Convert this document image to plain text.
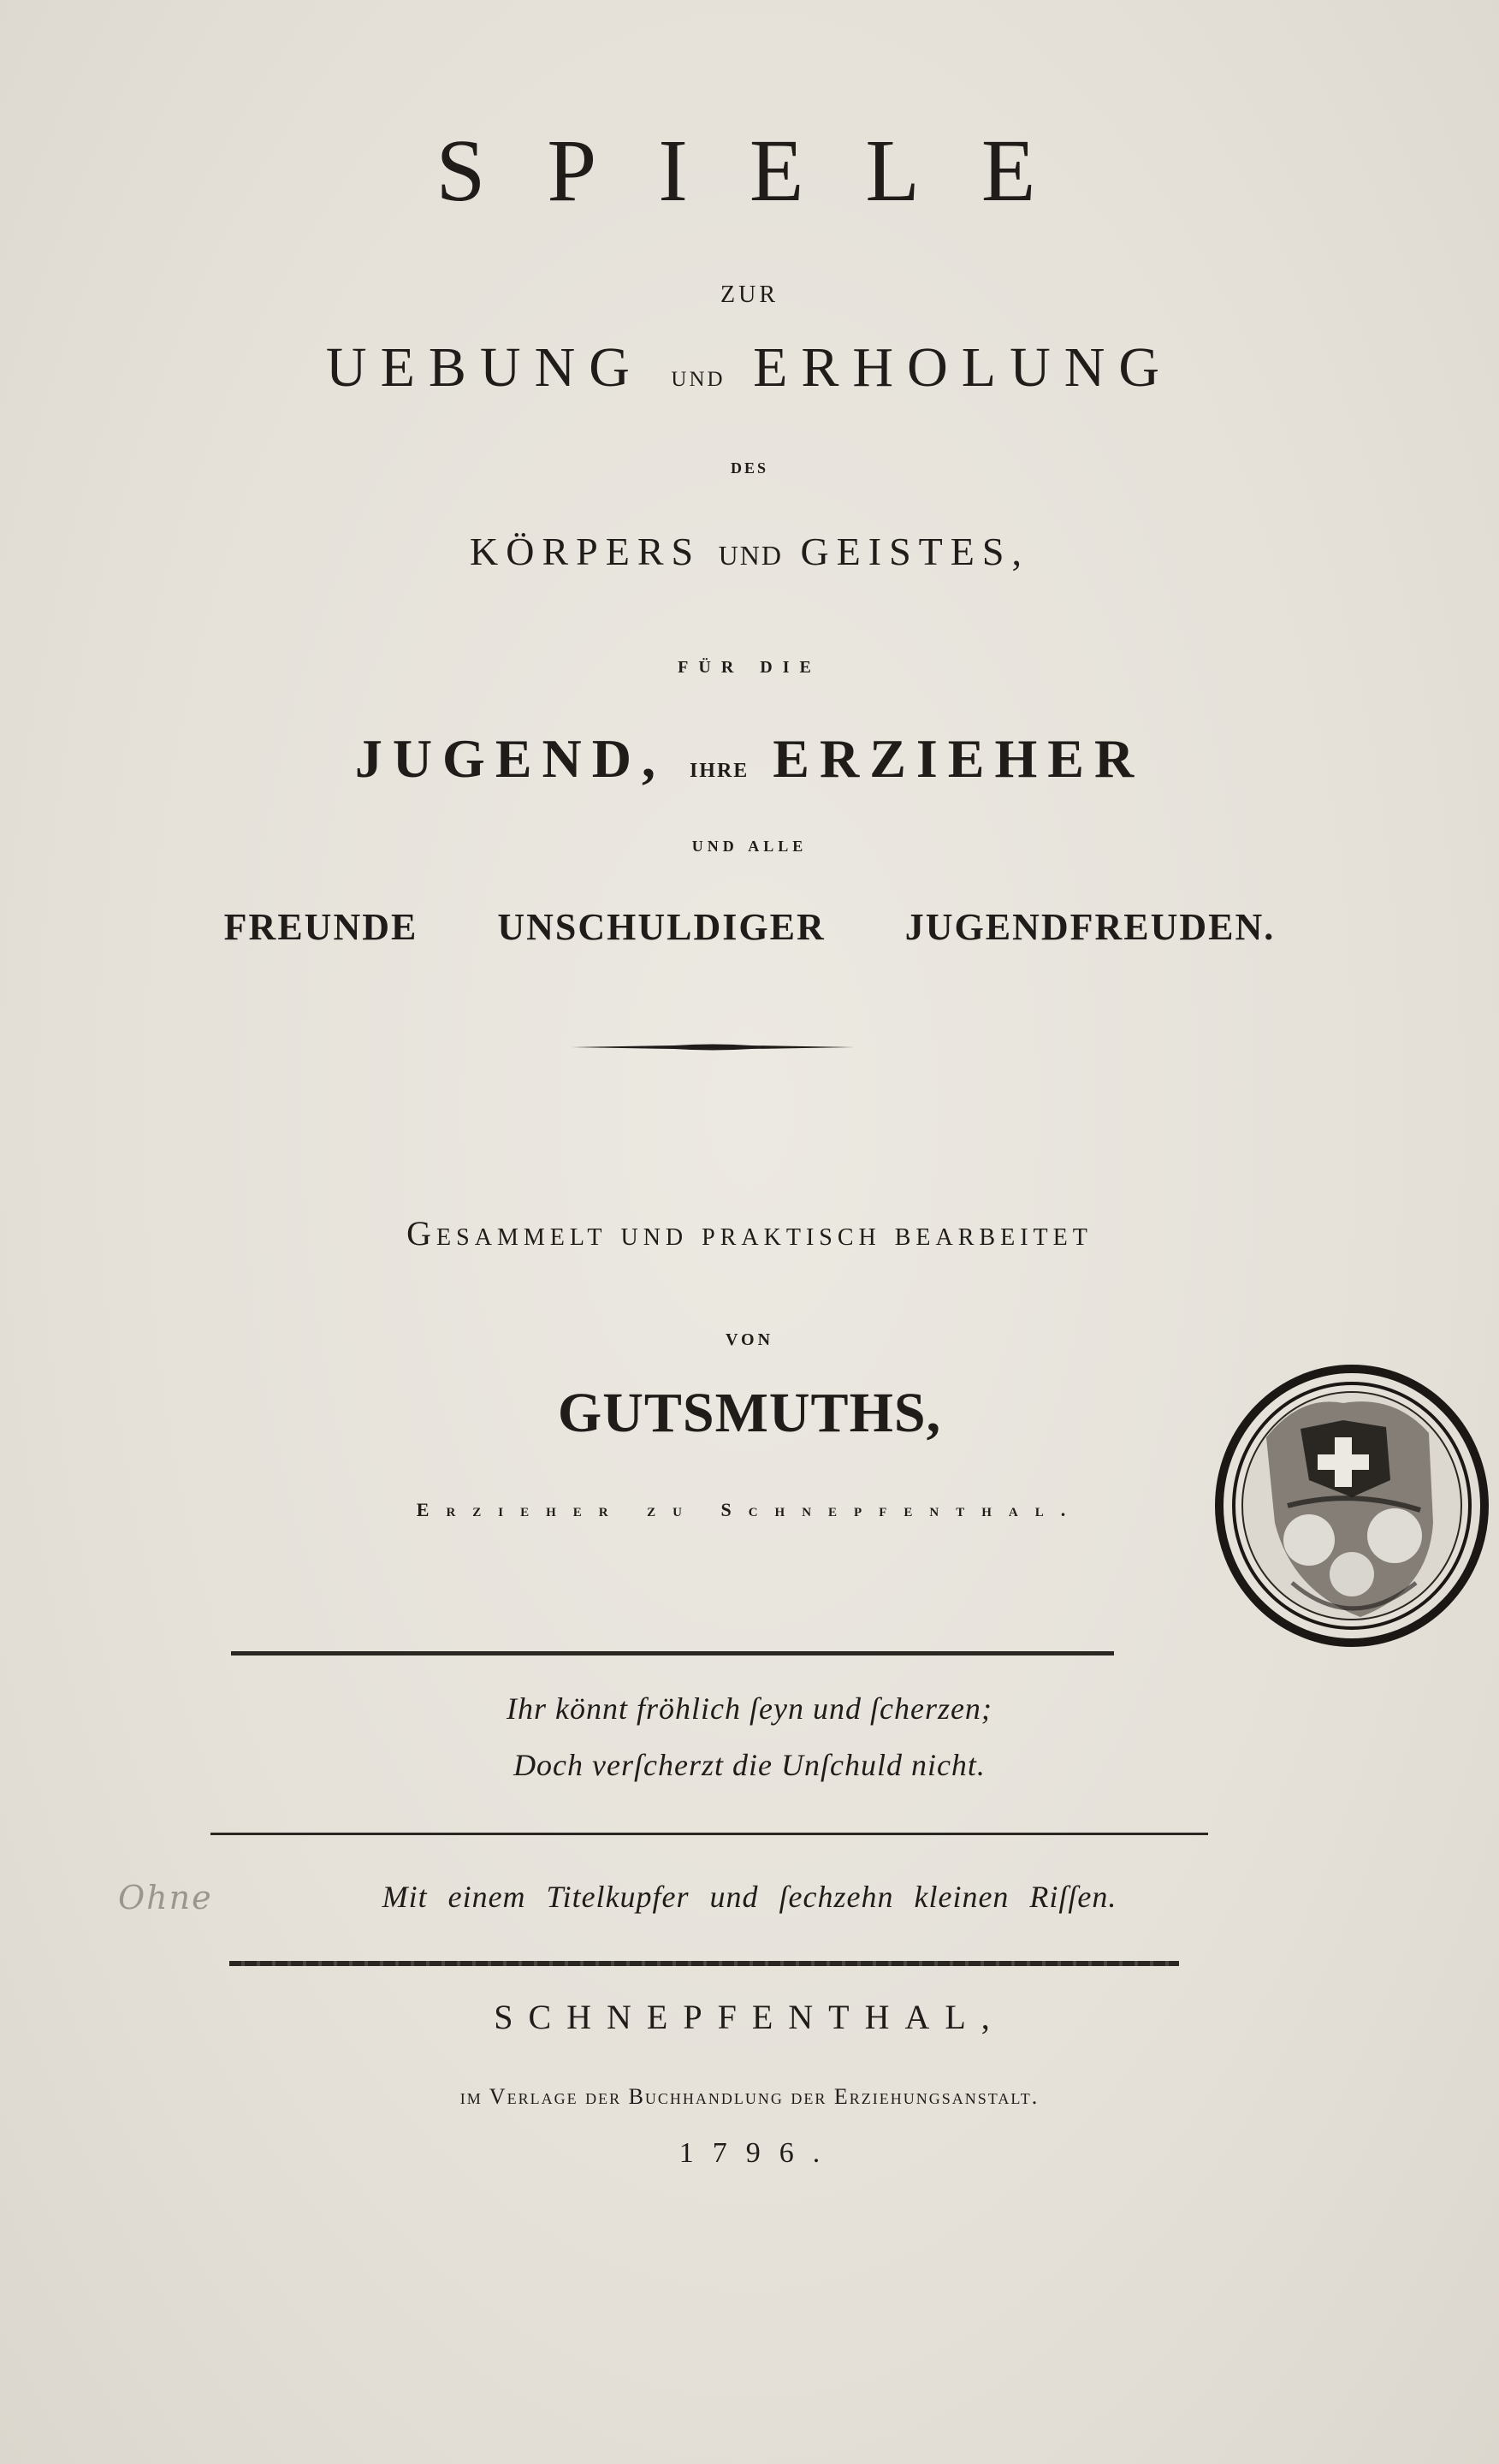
SPIELE

zur

UEBUNG und ERHOLUNG

des

KÖRPERS und GEISTES,

für die

JUGEND, ihre ERZIEHER

und alle

FREUNDE UNSCHULDIGER JUGENDFREUDEN.

Gesammelt und praktisch bearbeitet

von

GUTSMUTHS,

Erzieher zu Schnepfenthal.

Ihr könnt fröhlich ſeyn und ſcherzen;

Doch verſcherzt die Unſchuld nicht.

Ohne	Mit einem Titelkupfer und ſechzehn kleinen Riſſen.

SCHNEPFENTHAL,

im Verlage der Buchhandlung der Erziehungsanstalt.

1796.
